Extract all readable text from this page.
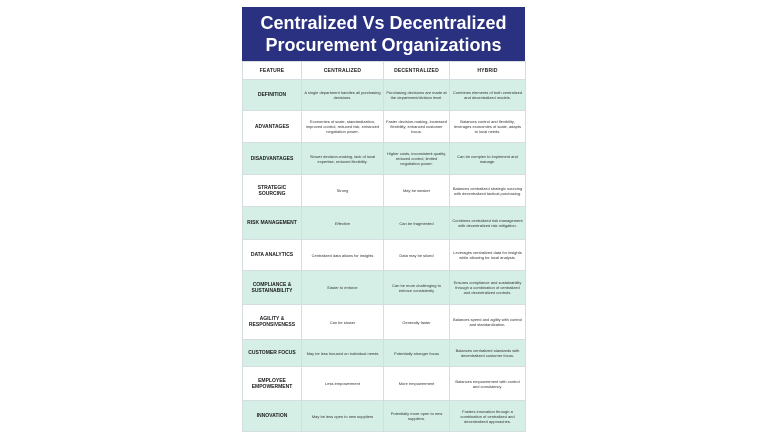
Centralized Vs Decentralized
Procurement Organizations
FEATURE	CENTRALIZED	DECENTRALIZED	HYBRID
DEFINITION	A single department handles all purchasing decisions.	Purchasing decisions are made at the department/division level.	Combines elements of both centralized and decentralized models.
ADVANTAGES	Economies of scale, standardization, improved control, reduced risk, enhanced negotiation power.	Faster decision-making, increased flexibility, enhanced customer focus.	Balances control and flexibility, leverages economies of scale, adapts to local needs.
DISADVANTAGES	Slower decision-making, lack of local expertise, reduced flexibility.	Higher costs, inconsistent quality, reduced control, limited negotiation power.	Can be complex to implement and manage.
STRATEGIC SOURCING	Strong	May be weaker	Balances centralized strategic sourcing with decentralized tactical purchasing.
RISK MANAGEMENT	Effective	Can be fragmented	Combines centralized risk management with decentralized risk mitigation.
DATA ANALYTICS	Centralized data allows for insights	Data may be siloed	Leverages centralized data for insights while allowing for local analysis.
COMPLIANCE & SUSTAINABILITY	Easier to enforce	Can be more challenging to enforce consistently	Ensures compliance and sustainability through a combination of centralized and decentralized controls.
AGILITY & RESPONSIVENESS	Can be slower	Generally faster	Balances speed and agility with control and standardization.
CUSTOMER FOCUS	May be less focused on individual needs	Potentially stronger focus	Balances centralized standards with decentralized customer focus.
EMPLOYEE EMPOWERMENT	Less empowerment	More empowerment	Balances empowerment with control and consistency.
INNOVATION	May be less open to new suppliers	Potentially more open to new suppliers.	Fosters innovation through a combination of centralized and decentralized approaches.
